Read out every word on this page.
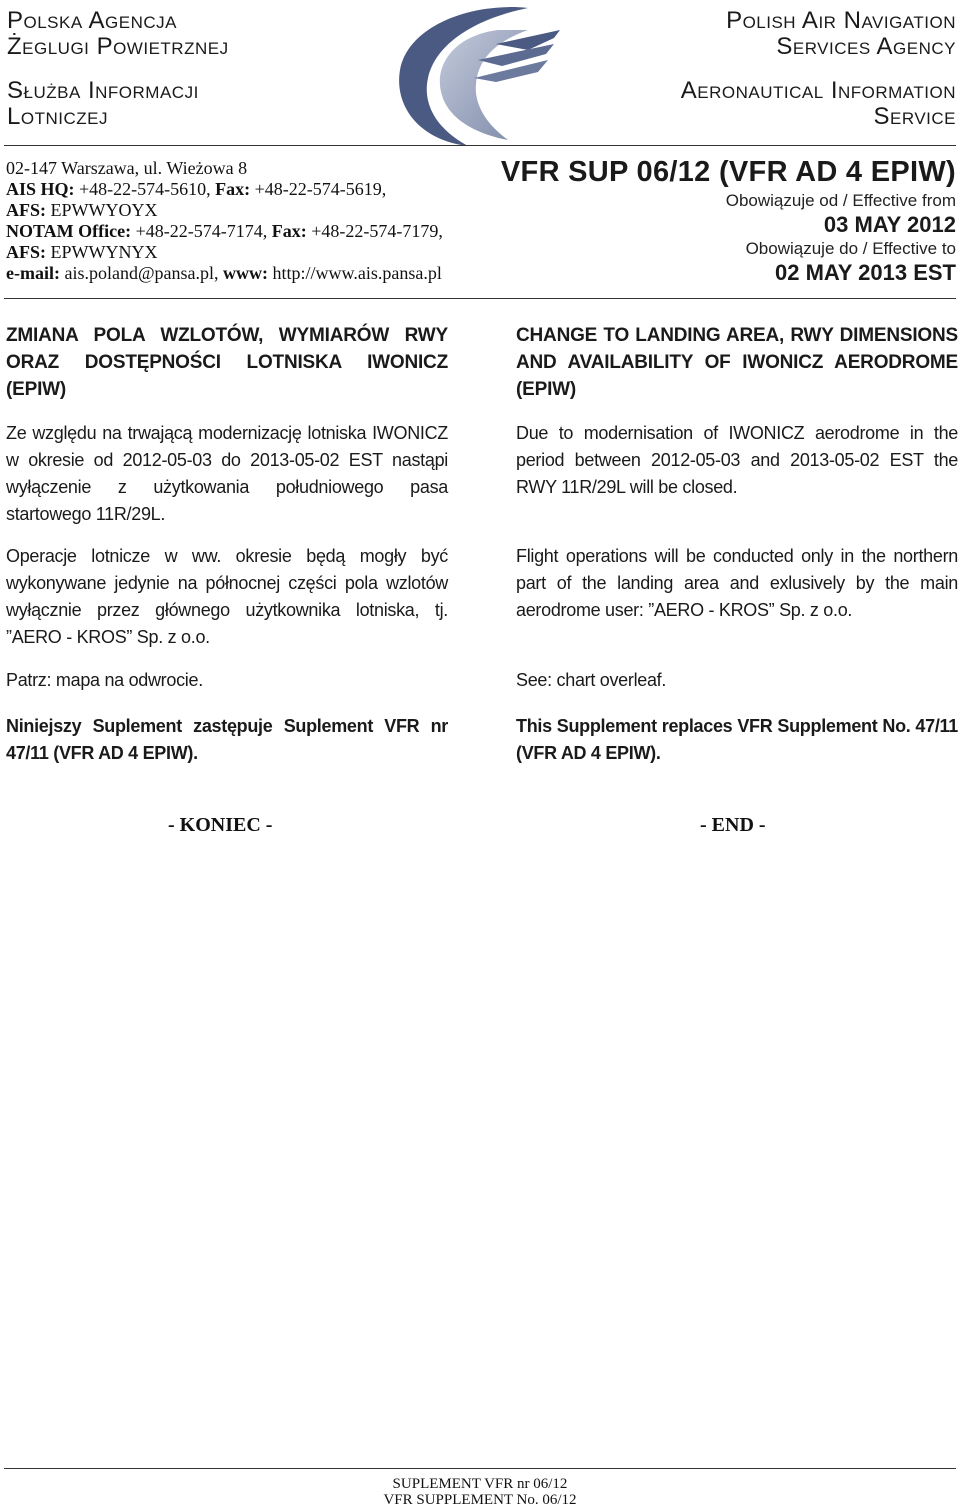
Polska Agencja
Żeglugi Powietrznej
Służba Informacji
Lotniczej
Polish Air Navigation
Services Agency
Aeronautical Information
Service
02-147 Warszawa, ul. Wieżowa 8
AIS HQ: +48-22-574-5610, Fax: +48-22-574-5619,
AFS: EPWWYOYX
NOTAM Office: +48-22-574-7174, Fax: +48-22-574-7179,
AFS: EPWWYNYX
e-mail: ais.poland@pansa.pl, www: http://www.ais.pansa.pl
VFR SUP 06/12 (VFR AD 4 EPIW)
Obowiązuje od / Effective from
03 MAY 2012
Obowiązuje do / Effective to
02 MAY 2013 EST
ZMIANA POLA WZLOTÓW, WYMIARÓW RWY ORAZ DOSTĘPNOŚCI LOTNISKA IWONICZ (EPIW)
Ze względu na trwającą modernizację lotniska IWONICZ w okresie od 2012-05-03 do 2013-05-02 EST nastąpi wyłączenie z użytkowania południowego pasa startowego 11R/29L.
Operacje lotnicze w ww. okresie będą mogły być wykonywane jedynie na północnej części pola wzlotów wyłącznie przez głównego użytkownika lotniska, tj. ”AERO - KROS” Sp. z o.o.
Patrz: mapa na odwrocie.
Niniejszy Suplement zastępuje Suplement VFR nr 47/11 (VFR AD 4 EPIW).
- KONIEC -
CHANGE TO LANDING AREA, RWY DIMENSIONS AND AVAILABILITY OF IWONICZ AERODROME (EPIW)
Due to modernisation of IWONICZ aerodrome in the period between 2012-05-03 and 2013-05-02 EST the RWY 11R/29L will be closed.
Flight operations will be conducted only in the northern part of the landing area and exlusively by the main aerodrome user: ”AERO - KROS” Sp. z o.o.
See: chart overleaf.
This Supplement replaces VFR Supplement No. 47/11 (VFR AD 4 EPIW).
- END -
SUPLEMENT VFR nr 06/12
VFR SUPPLEMENT No. 06/12
